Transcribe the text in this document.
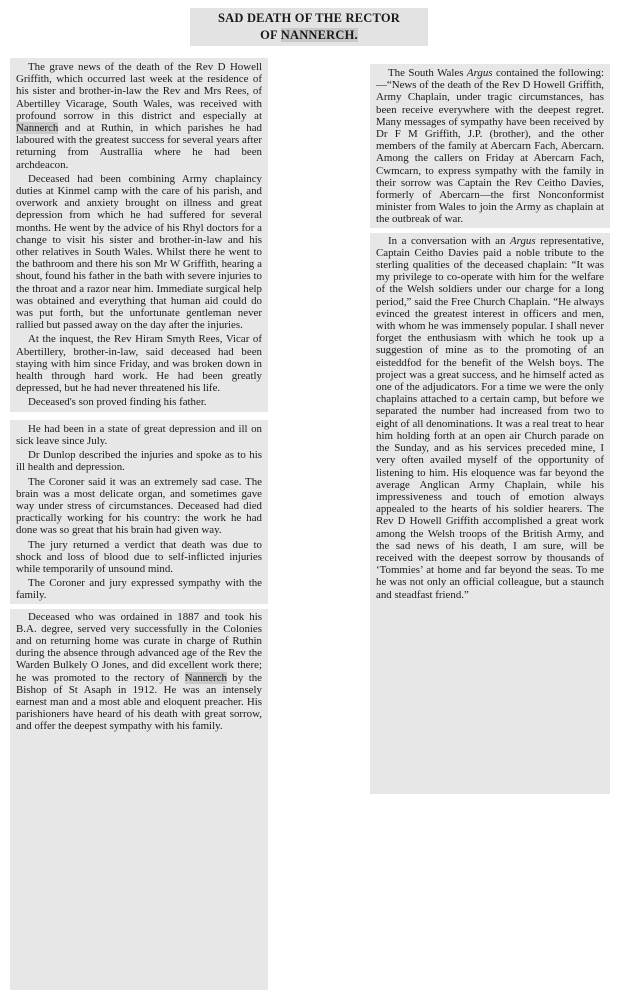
SAD DEATH OF THE RECTOR
OF NANNERCH.

The grave news of the death of the Rev D Howell Griffith, which occurred last week at the residence of his sister and brother-in-law the Rev and Mrs Rees, of Abertilley Vicarage, South Wales, was received with profound sorrow in this district and especially at Nannerch and at Ruthin, in which parishes he had laboured with the greatest success for several years after returning from Australlia where he had been archdeacon.

Deceased had been combining Army chaplaincy duties at Kinmel camp with the care of his parish, and overwork and anxiety brought on illness and great depression from which he had suffered for several months. He went by the advice of his Rhyl doctors for a change to visit his sister and brother-in-law and his other relatives in South Wales. Whilst there he went to the bathroom and there his son Mr W Griffith, hearing a shout, found his father in the bath with severe injuries to the throat and a razor near him. Immediate surgical help was obtained and everything that human aid could do was put forth, but the unfortunate gentleman never rallied but passed away on the day after the injuries.

At the inquest, the Rev Hiram Smyth Rees, Vicar of Abertillery, brother-in-law, said deceased had been staying with him since Friday, and was broken down in health through hard work. He had been greatly depressed, but he had never threatened his life.

Deceased's son proved finding his father.

He had been in a state of great depression and ill on sick leave since July.

Dr Dunlop described the injuries and spoke as to his ill health and depression.

The Coroner said it was an extremely sad case. The brain was a most delicate organ, and sometimes gave way under stress of circumstances. Deceased had died practically working for his country: the work he had done was so great that his brain had given way.

The jury returned a verdict that death was due to shock and loss of blood due to self-inflicted injuries while temporarily of unsound mind.

The Coroner and jury expressed sympathy with the family.

Deceased who was ordained in 1887 and took his B.A. degree, served very successfully in the Colonies and on returning home was curate in charge of Ruthin during the absence through advanced age of the Rev the Warden Bulkely O Jones, and did excellent work there; he was promoted to the rectory of Nannerch by the Bishop of St Asaph in 1912. He was an intensely earnest man and a most able and eloquent preacher. His parishioners have heard of his death with great sorrow, and offer the deepest sympathy with his family.

The South Wales Argus contained the following:—“News of the death of the Rev D Howell Griffith, Army Chaplain, under tragic circumstances, has been receive everywhere with the deepest regret. Many messages of sympathy have been received by Dr F M Griffith, J.P. (brother), and the other members of the family at Abercarn Fach, Abercarn. Among the callers on Friday at Abercarn Fach, Cwmcarn, to express sympathy with the family in their sorrow was Captain the Rev Ceitho Davies, formerly of Abercarn—the first Nonconformist minister from Wales to join the Army as chaplain at the outbreak of war.

In a conversation with an Argus representative, Captain Ceitho Davies paid a noble tribute to the sterling qualities of the deceased chaplain: “It was my privilege to co-operate with him for the welfare of the Welsh soldiers under our charge for a long period,” said the Free Church Chaplain. “He always evinced the greatest interest in officers and men, with whom he was immensely popular. I shall never forget the enthusiasm with which he took up a suggestion of mine as to the promoting of an eisteddfod for the benefit of the Welsh boys. The project was a great success, and he himself acted as one of the adjudicators. For a time we were the only chaplains attached to a certain camp, but before we separated the number had increased from two to eight of all denominations. It was a real treat to hear him holding forth at an open air Church parade on the Sunday, and as his services preceded mine, I very often availed myself of the opportunity of listening to him. His eloquence was far beyond the average Anglican Army Chaplain, while his impressiveness and touch of emotion always appealed to the hearts of his soldier hearers. The Rev D Howell Griffith accomplished a great work among the Welsh troops of the British Army, and the sad news of his death, I am sure, will be received with the deepest sorrow by thousands of ‘Tommies’ at home and far beyond the seas. To me he was not only an official colleague, but a staunch and steadfast friend.”
